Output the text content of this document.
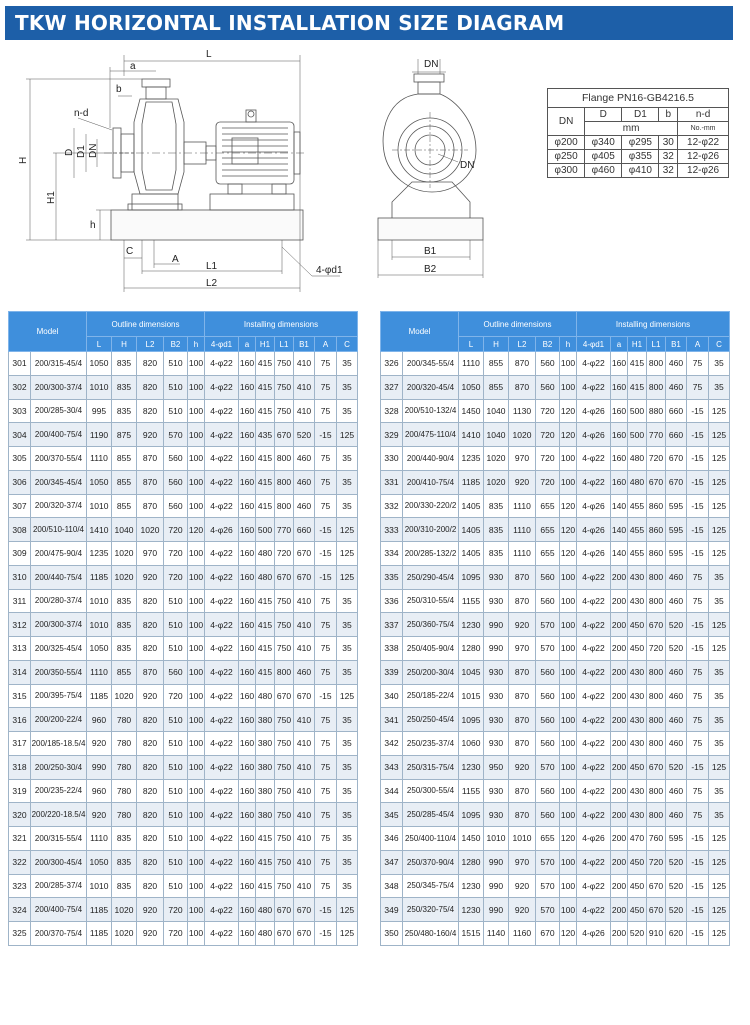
TKW HORIZONTAL INSTALLATION SIZE DIAGRAM
L
a
b
n-d
H
H1
h
D D1 DN
C
A
L1
L2
4-φd1
DN
DN
B1
B2
Flange PN16-GB4216.5				
DN	D	D1	b	n-d
	mm			No.-mm
φ200	φ340	φ295	30	12-φ22
φ250	φ405	φ355	32	12-φ26
φ300	φ460	φ410	32	12-φ26
Model		Outline dimensions					Installing dimensions						
		L	H	L2	B2	h	4-φd1	a	H1	L1	B1	A	C
301	200/315-45/4	1050	835	820	510	100	4-φ22	160	415	750	410	75	35
302	200/300-37/4	1010	835	820	510	100	4-φ22	160	415	750	410	75	35
303	200/285-30/4	995	835	820	510	100	4-φ22	160	415	750	410	75	35
304	200/400-75/4	1190	875	920	570	100	4-φ22	160	435	670	520	-15	125
305	200/370-55/4	1110	855	870	560	100	4-φ22	160	415	800	460	75	35
306	200/345-45/4	1050	855	870	560	100	4-φ22	160	415	800	460	75	35
307	200/320-37/4	1010	855	870	560	100	4-φ22	160	415	800	460	75	35
308	200/510-110/4	1410	1040	1020	720	120	4-φ26	160	500	770	660	-15	125
309	200/475-90/4	1235	1020	970	720	100	4-φ22	160	480	720	670	-15	125
310	200/440-75/4	1185	1020	920	720	100	4-φ22	160	480	670	670	-15	125
311	200/280-37/4	1010	835	820	510	100	4-φ22	160	415	750	410	75	35
312	200/300-37/4	1010	835	820	510	100	4-φ22	160	415	750	410	75	35
313	200/325-45/4	1050	835	820	510	100	4-φ22	160	415	750	410	75	35
314	200/350-55/4	1110	855	870	560	100	4-φ22	160	415	800	460	75	35
315	200/395-75/4	1185	1020	920	720	100	4-φ22	160	480	670	670	-15	125
316	200/200-22/4	960	780	820	510	100	4-φ22	160	380	750	410	75	35
317	200/185-18.5/4	920	780	820	510	100	4-φ22	160	380	750	410	75	35
318	200/250-30/4	990	780	820	510	100	4-φ22	160	380	750	410	75	35
319	200/235-22/4	960	780	820	510	100	4-φ22	160	380	750	410	75	35
320	200/220-18.5/4	920	780	820	510	100	4-φ22	160	380	750	410	75	35
321	200/315-55/4	1110	835	820	510	100	4-φ22	160	415	750	410	75	35
322	200/300-45/4	1050	835	820	510	100	4-φ22	160	415	750	410	75	35
323	200/285-37/4	1010	835	820	510	100	4-φ22	160	415	750	410	75	35
324	200/400-75/4	1185	1020	920	720	100	4-φ22	160	480	670	670	-15	125
325	200/370-75/4	1185	1020	920	720	100	4-φ22	160	480	670	670	-15	125
Model		Outline dimensions					Installing dimensions						
		L	H	L2	B2	h	4-φd1	a	H1	L1	B1	A	C
326	200/345-55/4	1110	855	870	560	100	4-φ22	160	415	800	460	75	35
327	200/320-45/4	1050	855	870	560	100	4-φ22	160	415	800	460	75	35
328	200/510-132/4	1450	1040	1130	720	120	4-φ26	160	500	880	660	-15	125
329	200/475-110/4	1410	1040	1020	720	120	4-φ26	160	500	770	660	-15	125
330	200/440-90/4	1235	1020	970	720	100	4-φ22	160	480	720	670	-15	125
331	200/410-75/4	1185	1020	920	720	100	4-φ22	160	480	670	670	-15	125
332	200/330-220/2	1405	835	1110	655	120	4-φ26	140	455	860	595	-15	125
333	200/310-200/2	1405	835	1110	655	120	4-φ26	140	455	860	595	-15	125
334	200/285-132/2	1405	835	1110	655	120	4-φ26	140	455	860	595	-15	125
335	250/290-45/4	1095	930	870	560	100	4-φ22	200	430	800	460	75	35
336	250/310-55/4	1155	930	870	560	100	4-φ22	200	430	800	460	75	35
337	250/360-75/4	1230	990	920	570	100	4-φ22	200	450	670	520	-15	125
338	250/405-90/4	1280	990	970	570	100	4-φ22	200	450	720	520	-15	125
339	250/200-30/4	1045	930	870	560	100	4-φ22	200	430	800	460	75	35
340	250/185-22/4	1015	930	870	560	100	4-φ22	200	430	800	460	75	35
341	250/250-45/4	1095	930	870	560	100	4-φ22	200	430	800	460	75	35
342	250/235-37/4	1060	930	870	560	100	4-φ22	200	430	800	460	75	35
343	250/315-75/4	1230	950	920	570	100	4-φ22	200	450	670	520	-15	125
344	250/300-55/4	1155	930	870	560	100	4-φ22	200	430	800	460	75	35
345	250/285-45/4	1095	930	870	560	100	4-φ22	200	430	800	460	75	35
346	250/400-110/4	1450	1010	1010	655	120	4-φ26	200	470	760	595	-15	125
347	250/370-90/4	1280	990	970	570	100	4-φ22	200	450	720	520	-15	125
348	250/345-75/4	1230	990	920	570	100	4-φ22	200	450	670	520	-15	125
349	250/320-75/4	1230	990	920	570	100	4-φ22	200	450	670	520	-15	125
350	250/480-160/4	1515	1140	1160	670	120	4-φ26	200	520	910	620	-15	125
